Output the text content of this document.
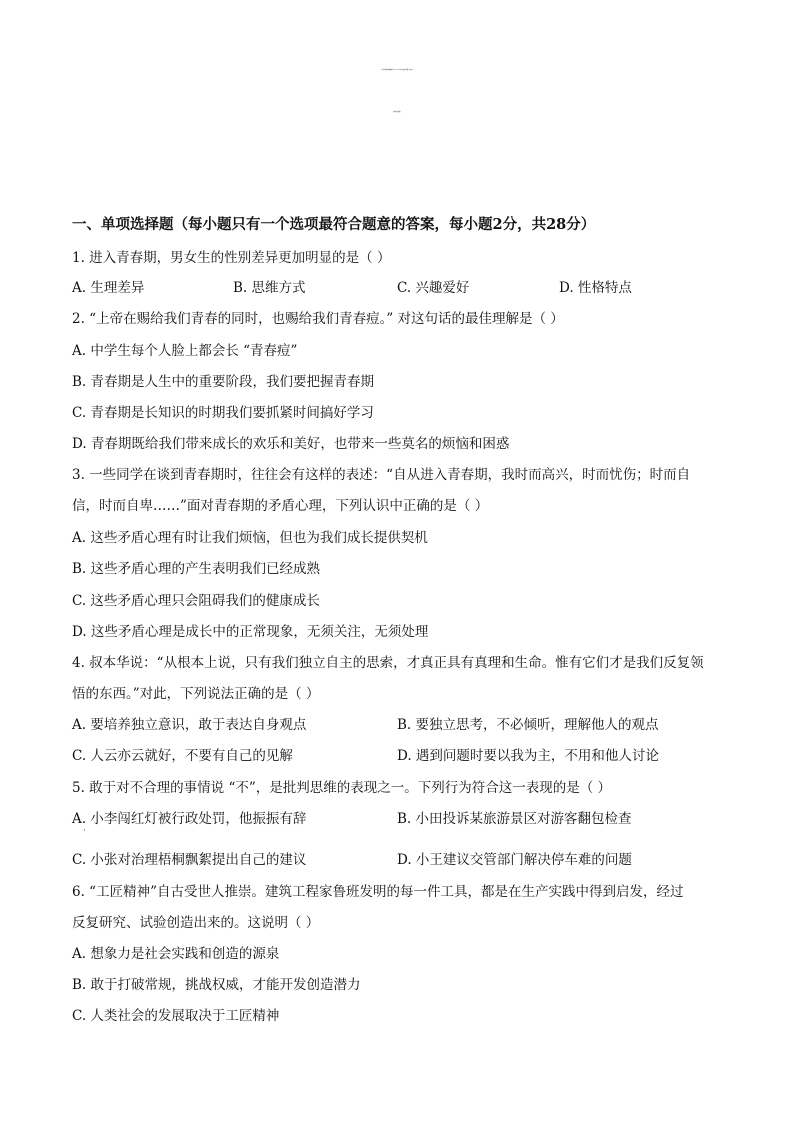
江苏省盐城市盐城初级中学2023-2024学年七年级下学期第一次月考
道德与法治试题
一、单项选择题（每小题只有一个选项最符合题意的答案，每小题2分，共28分）
1. 进入青春期，男女生的性别差异更加明显的是（ ）
A. 生理差异	B. 思维方式	C. 兴趣爱好	D. 性格特点
2. “上帝在赐给我们青春的同时，也赐给我们青春痘。” 对这句话的最佳理解是（ ）
A. 中学生每个人脸上都会长 “青春痘”
B. 青春期是人生中的重要阶段，我们要把握青春期
C. 青春期是长知识的时期我们要抓紧时间搞好学习
D. 青春期既给我们带来成长的欢乐和美好，也带来一些莫名的烦恼和困惑
3. 一些同学在谈到青春期时，往往会有这样的表述：“自从进入青春期，我时而高兴，时而忧伤；时而自
信，时而自卑……”面对青春期的矛盾心理，下列认识中正确的是（ ）
A. 这些矛盾心理有时让我们烦恼，但也为我们成长提供契机
B. 这些矛盾心理的产生表明我们已经成熟
C. 这些矛盾心理只会阻碍我们的健康成长
D. 这些矛盾心理是成长中的正常现象，无须关注，无须处理
4. 叔本华说：“从根本上说，只有我们独立自主的思索，才真正具有真理和生命。惟有它们才是我们反复领
悟的东西。”对此，下列说法正确的是（ ）
A. 要培养独立意识，敢于表达自身观点	B. 要独立思考，不必倾听，理解他人的观点
C. 人云亦云就好，不要有自己的见解	D. 遇到问题时要以我为主，不用和他人讨论
5. 敢于对不合理的事情说 “不”，是批判思维的表现之一。下列行为符合这一表现的是（ ）
A. 小李闯红灯被行政处罚，他振振有辞	B. 小田投诉某旅游景区对游客翻包检查
·
C. 小张对治理梧桐飘絮提出自己的建议	D. 小王建议交管部门解决停车难的问题
6. “工匠精神”自古受世人推崇。建筑工程家鲁班发明的每一件工具，都是在生产实践中得到启发，经过
反复研究、试验创造出来的。这说明（ ）
A. 想象力是社会实践和创造的源泉
B. 敢于打破常规，挑战权威，才能开发创造潜力
C. 人类社会的发展取决于工匠精神
